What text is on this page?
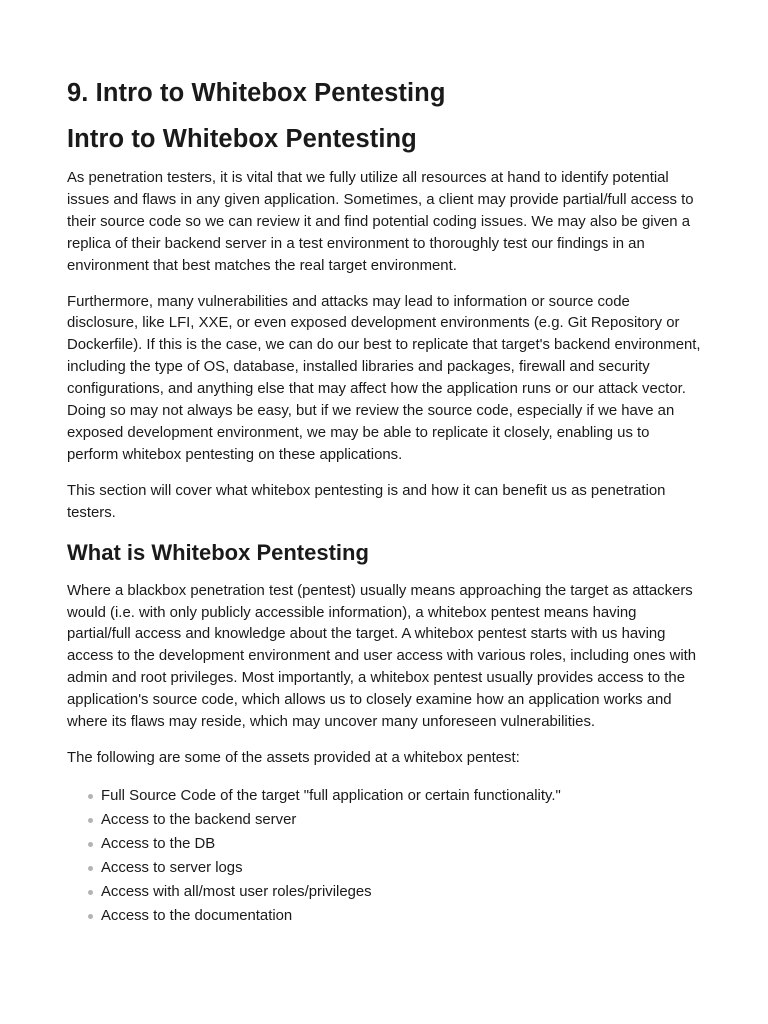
9. Intro to Whitebox Pentesting
Intro to Whitebox Pentesting

As penetration testers, it is vital that we fully utilize all resources at hand to identify potential issues and flaws in any given application. Sometimes, a client may provide partial/full access to their source code so we can review it and find potential coding issues. We may also be given a replica of their backend server in a test environment to thoroughly test our findings in an environment that best matches the real target environment.

Furthermore, many vulnerabilities and attacks may lead to information or source code disclosure, like LFI, XXE, or even exposed development environments (e.g. Git Repository or Dockerfile). If this is the case, we can do our best to replicate that target's backend environment, including the type of OS, database, installed libraries and packages, firewall and security configurations, and anything else that may affect how the application runs or our attack vector. Doing so may not always be easy, but if we review the source code, especially if we have an exposed development environment, we may be able to replicate it closely, enabling us to perform whitebox pentesting on these applications.

This section will cover what whitebox pentesting is and how it can benefit us as penetration testers.

What is Whitebox Pentesting

Where a blackbox penetration test (pentest) usually means approaching the target as attackers would (i.e. with only publicly accessible information), a whitebox pentest means having partial/full access and knowledge about the target. A whitebox pentest starts with us having access to the development environment and user access with various roles, including ones with admin and root privileges. Most importantly, a whitebox pentest usually provides access to the application's source code, which allows us to closely examine how an application works and where its flaws may reside, which may uncover many unforeseen vulnerabilities.

The following are some of the assets provided at a whitebox pentest:

Full Source Code of the target "full application or certain functionality."
Access to the backend server
Access to the DB
Access to server logs
Access with all/most user roles/privileges
Access to the documentation
